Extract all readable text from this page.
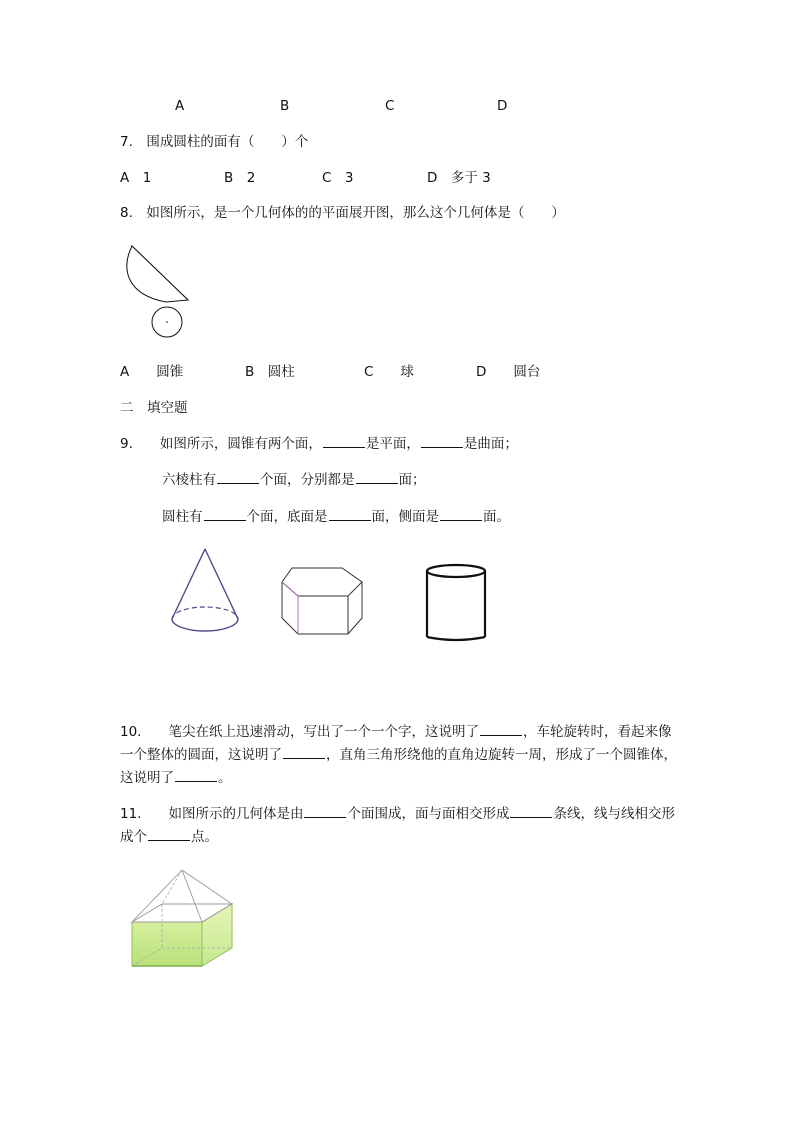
A	B	C	D
7.　围成圆柱的面有（　　）个
A　1	B　2	C　3	D　多于 3
8.　如图所示，是一个几何体的的平面展开图，那么这个几何体是（　　）
A　　圆锥	B　圆柱	C　　球	D　　圆台
二　填空题
9.　　如图所示，圆锥有两个面，	是平面，	是曲面；
六棱柱有	个面，分别都是	面；
圆柱有	个面，底面是	面，侧面是	面。
10.　　笔尖在纸上迅速滑动，写出了一个一个字，这说明了	，车轮旋转时，看起来像
一个整体的圆面，这说明了	，直角三角形绕他的直角边旋转一周，形成了一个圆锥体，
这说明了	。
11.　　如图所示的几何体是由	个面围成，面与面相交形成	条线，线与线相交形
成个	点。
